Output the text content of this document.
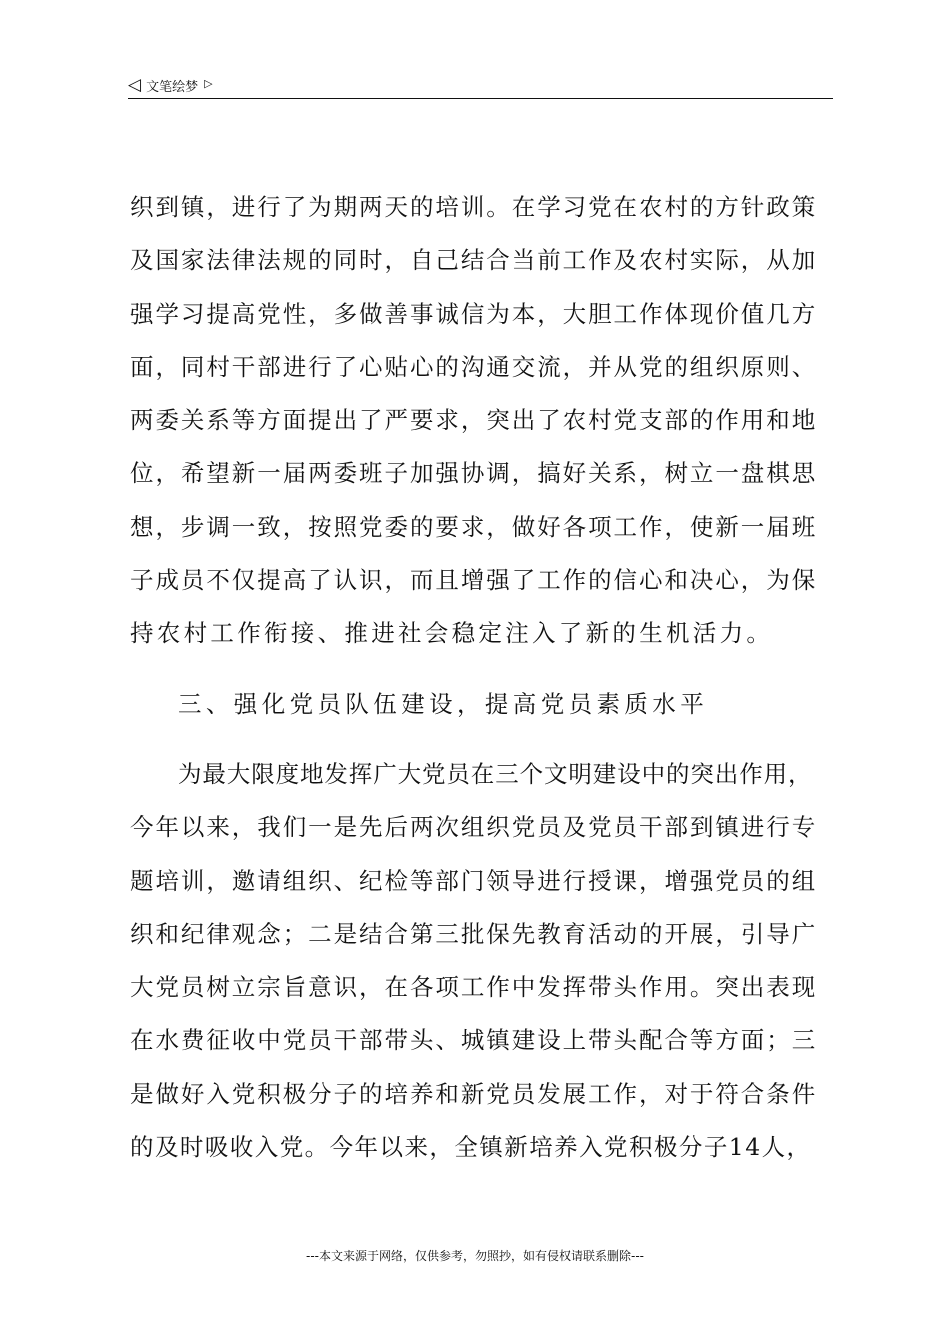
◁ 文笔绘梦 ▷
织到镇，进行了为期两天的培训。在学习党在农村的方针政策
及国家法律法规的同时，自己结合当前工作及农村实际，从加
强学习提高党性，多做善事诚信为本，大胆工作体现价值几方
面，同村干部进行了心贴心的沟通交流，并从党的组织原则、
两委关系等方面提出了严要求，突出了农村党支部的作用和地
位，希望新一届两委班子加强协调，搞好关系，树立一盘棋思
想，步调一致，按照党委的要求，做好各项工作，使新一届班
子成员不仅提高了认识，而且增强了工作的信心和决心，为保
持农村工作衔接、推进社会稳定注入了新的生机活力。
三、强化党员队伍建设，提高党员素质水平
为最大限度地发挥广大党员在三个文明建设中的突出作用，
今年以来，我们一是先后两次组织党员及党员干部到镇进行专
题培训，邀请组织、纪检等部门领导进行授课，增强党员的组
织和纪律观念；二是结合第三批保先教育活动的开展，引导广
大党员树立宗旨意识，在各项工作中发挥带头作用。突出表现
在水费征收中党员干部带头、城镇建设上带头配合等方面；三
是做好入党积极分子的培养和新党员发展工作，对于符合条件
的及时吸收入党。今年以来，全镇新培养入党积极分子14人，
---本文来源于网络，仅供参考，勿照抄，如有侵权请联系删除---
